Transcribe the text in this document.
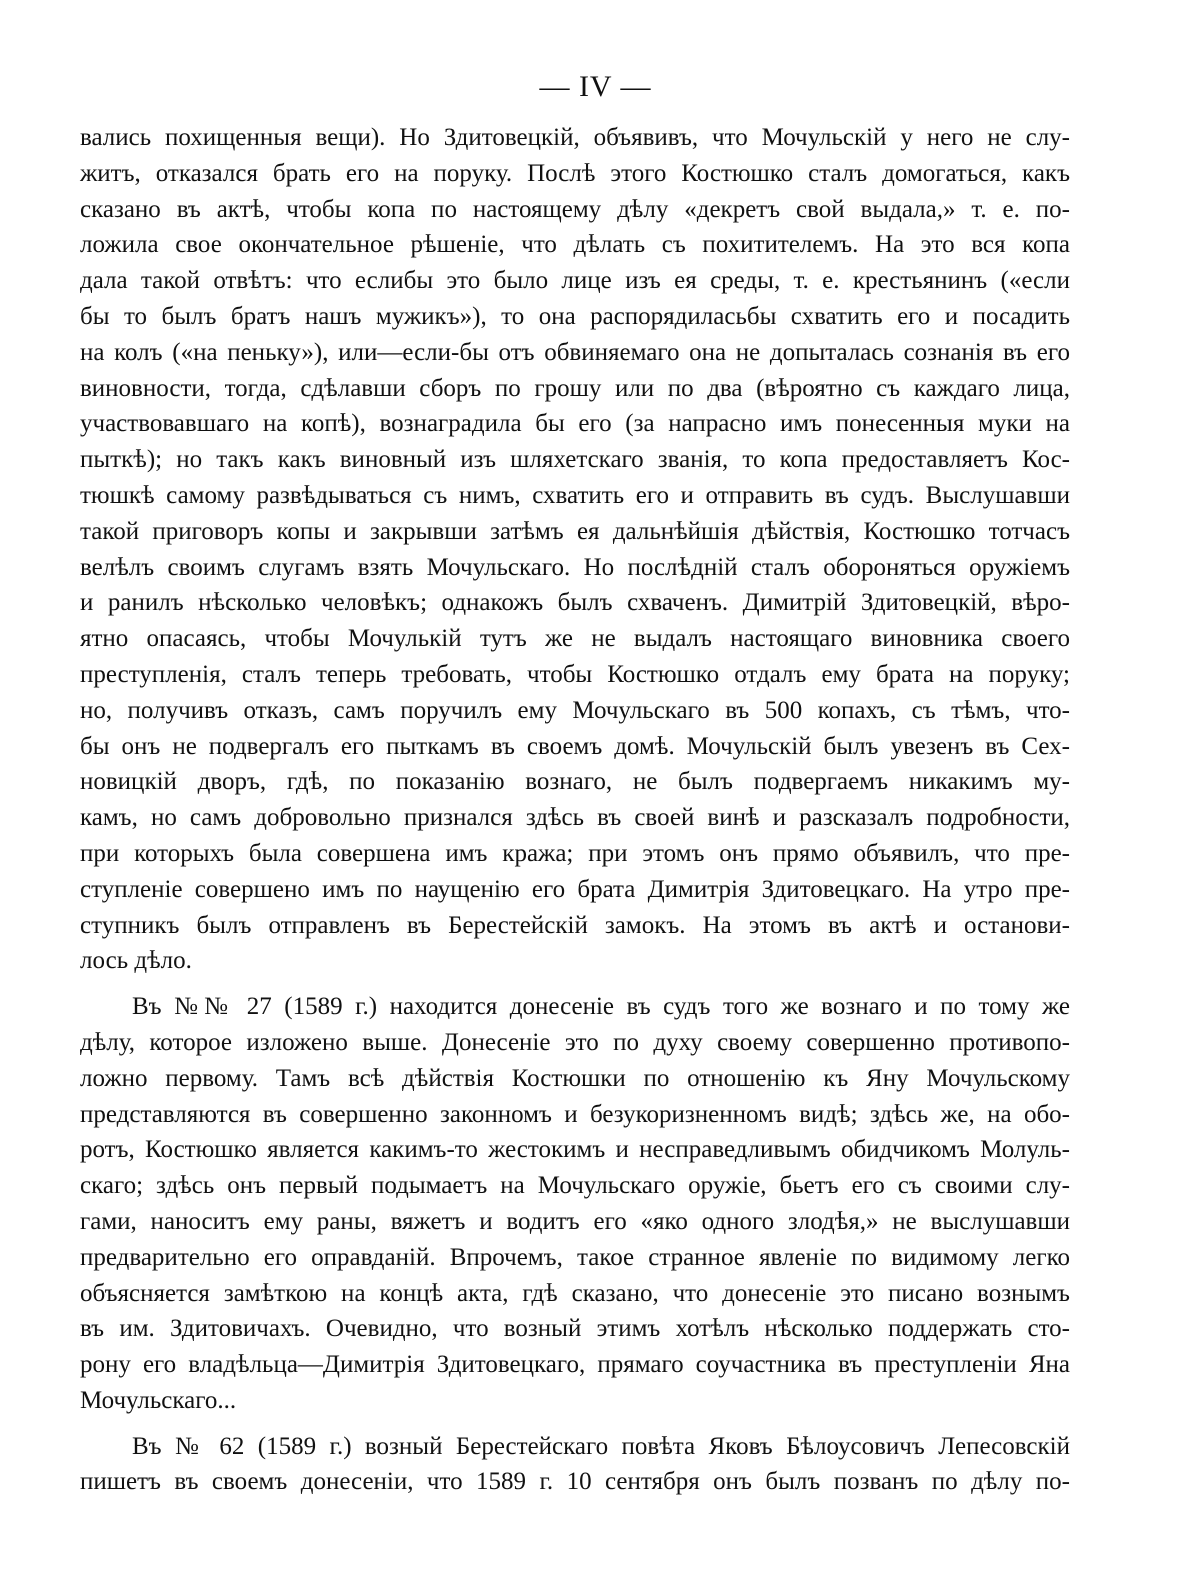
— IV —
вались похищенныя вещи). Но Здитовецкій, объявивъ, что Мочульскій у него не слу-
житъ, отказался брать его на поруку. Послѣ этого Костюшко сталъ домогаться, какъ
сказано въ актѣ, чтобы копа по настоящему дѣлу «декретъ свой выдала,» т. е. по-
ложила свое окончательное рѣшеніе, что дѣлать съ похитителемъ. На это вся копа
дала такой отвѣтъ: что еслибы это было лице изъ ея среды, т. е. крестьянинъ («если
бы то былъ братъ нашъ мужикъ»), то она распорядиласьбы схватить его и посадить
на колъ («на пеньку»), или—если-бы отъ обвиняемаго она не допыталась сознанія въ его
виновности, тогда, сдѣлавши сборъ по грошу или по два (вѣроятно съ каждаго лица,
участвовавшаго на копѣ), вознаградила бы его (за напрасно имъ понесенныя муки на
пыткѣ); но такъ какъ виновный изъ шляхетскаго званія, то копа предоставляетъ Кос-
тюшкѣ самому развѣдываться съ нимъ, схватить его и отправить въ судъ. Выслушавши
такой приговоръ копы и закрывши затѣмъ ея дальнѣйшія дѣйствія, Костюшко тотчасъ
велѣлъ своимъ слугамъ взять Мочульскаго. Но послѣдній сталъ обороняться оружіемъ
и ранилъ нѣсколько человѣкъ; однакожъ былъ схваченъ. Димитрій Здитовецкій, вѣро-
ятно опасаясь, чтобы Мочулькій тутъ же не выдалъ настоящаго виновника своего
преступленія, сталъ теперь требовать, чтобы Костюшко отдалъ ему брата на поруку;
но, получивъ отказъ, самъ поручилъ ему Мочульскаго въ 500 копахъ, съ тѣмъ, что-
бы онъ не подвергалъ его пыткамъ въ своемъ домѣ. Мочульскій былъ увезенъ въ Сех-
новицкій дворъ, гдѣ, по показанію вознаго, не былъ подвергаемъ никакимъ му-
камъ, но самъ добровольно признался здѣсь въ своей винѣ и разсказалъ подробности,
при которыхъ была совершена имъ кража; при этомъ онъ прямо объявилъ, что пре-
ступленіе совершено имъ по наущенію его брата Димитрія Здитовецкаго. На утро пре-
ступникъ былъ отправленъ въ Берестейскій замокъ. На этомъ въ актѣ и останови-
лось дѣло.
Въ №№ 27 (1589 г.) находится донесеніе въ судъ того же вознаго и по тому же
дѣлу, которое изложено выше. Донесеніе это по духу своему совершенно противопо-
ложно первому. Тамъ всѣ дѣйствія Костюшки по отношенію къ Яну Мочульскому
представляются въ совершенно законномъ и безукоризненномъ видѣ; здѣсь же, на обо-
ротъ, Костюшко является какимъ-то жестокимъ и несправедливымъ обидчикомъ Молуль-
скаго; здѣсь онъ первый подымаетъ на Мочульскаго оружіе, бьетъ его съ своими слу-
гами, наноситъ ему раны, вяжетъ и водитъ его «яко одного злодѣя,» не выслушавши
предварительно его оправданій. Впрочемъ, такое странное явленіе по видимому легко
объясняется замѣткою на концѣ акта, гдѣ сказано, что донесеніе это писано вознымъ
въ им. Здитовичахъ. Очевидно, что возный этимъ хотѣлъ нѣсколько поддержать сто-
рону его владѣльца—Димитрія Здитовецкаго, прямаго соучастника въ преступленіи Яна
Мочульскаго...
Въ № 62 (1589 г.) возный Берестейскаго повѣта Яковъ Бѣлоусовичъ Лепесовскій
пишетъ въ своемъ донесеніи, что 1589 г. 10 сентября онъ былъ позванъ по дѣлу по-
